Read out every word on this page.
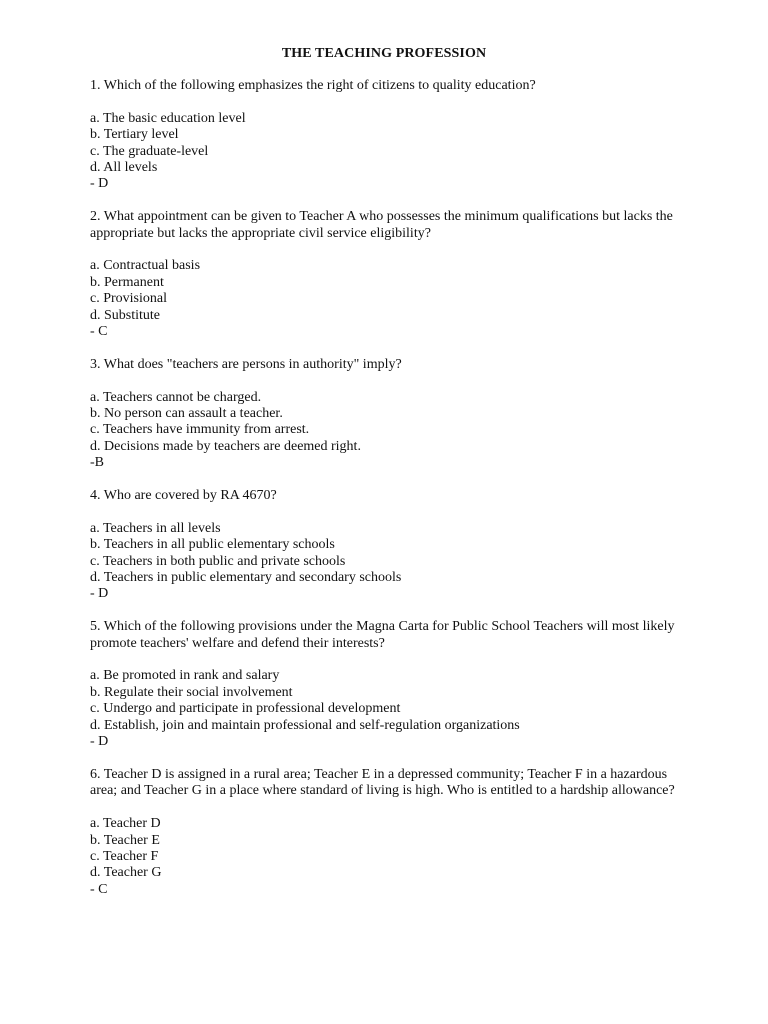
THE TEACHING PROFESSION
1. Which of the following emphasizes the right of citizens to quality education?
a. The basic education level
b. Tertiary level
c. The graduate-level
d. All levels
- D
2. What appointment can be given to Teacher A who possesses the minimum qualifications but lacks the appropriate but lacks the appropriate civil service eligibility?
a. Contractual basis
b. Permanent
c. Provisional
d. Substitute
- C
3. What does "teachers are persons in authority" imply?
a. Teachers cannot be charged.
b. No person can assault a teacher.
c. Teachers have immunity from arrest.
d. Decisions made by teachers are deemed right.
-B
4. Who are covered by RA 4670?
a. Teachers in all levels
b. Teachers in all public elementary schools
c. Teachers in both public and private schools
d. Teachers in public elementary and secondary schools
- D
5. Which of the following provisions under the Magna Carta for Public School Teachers will most likely promote teachers' welfare and defend their interests?
a. Be promoted in rank and salary
b. Regulate their social involvement
c. Undergo and participate in professional development
d. Establish, join and maintain professional and self-regulation organizations
- D
6. Teacher D is assigned in a rural area; Teacher E in a depressed community; Teacher F in a hazardous area; and Teacher G in a place where standard of living is high. Who is entitled to a hardship allowance?
a. Teacher D
b. Teacher E
c. Teacher F
d. Teacher G
- C
